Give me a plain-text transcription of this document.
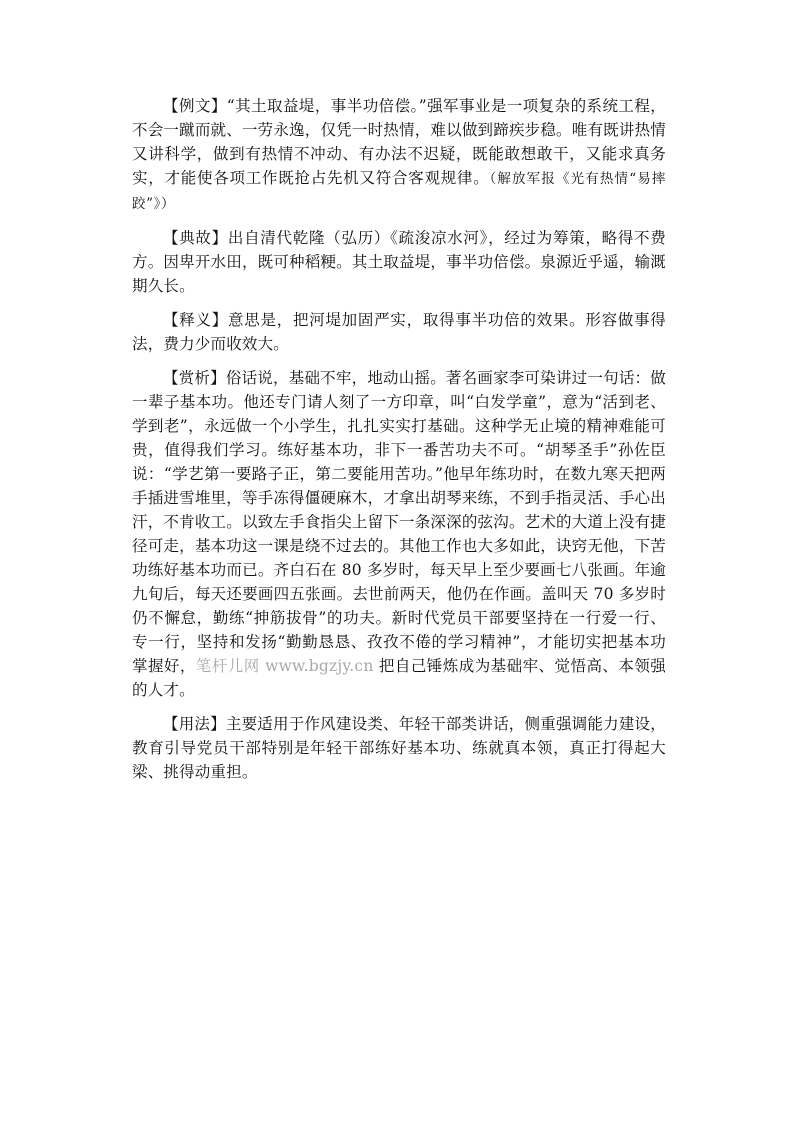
【例文】“其土取益堤，事半功倍偿。”强军事业是一项复杂的系统工程，不会一蹴而就、一劳永逸，仅凭一时热情，难以做到蹄疾步稳。唯有既讲热情又讲科学，做到有热情不冲动、有办法不迟疑，既能敢想敢干，又能求真务实，才能使各项工作既抢占先机又符合客观规律。（解放军报《光有热情“易摔跤”》）

【典故】出自清代乾隆（弘历）《疏浚凉水河》，经过为筹策，略得不费方。因卑开水田，既可种稻粳。其土取益堤，事半功倍偿。泉源近乎遥，输溉期久长。

【释义】意思是，把河堤加固严实，取得事半功倍的效果。形容做事得法，费力少而收效大。

【赏析】俗话说，基础不牢，地动山摇。著名画家李可染讲过一句话：做一辈子基本功。他还专门请人刻了一方印章，叫“白发学童”，意为“活到老、学到老”，永远做一个小学生，扎扎实实打基础。这种学无止境的精神难能可贵，值得我们学习。练好基本功，非下一番苦功夫不可。“胡琴圣手”孙佐臣说：“学艺第一要路子正，第二要能用苦功。”他早年练功时，在数九寒天把两手插进雪堆里，等手冻得僵硬麻木，才拿出胡琴来练，不到手指灵活、手心出汗，不肯收工。以致左手食指尖上留下一条深深的弦沟。艺术的大道上没有捷径可走，基本功这一课是绕不过去的。其他工作也大多如此，诀窍无他，下苦功练好基本功而已。齐白石在 80 多岁时，每天早上至少要画七八张画。年逾九旬后，每天还要画四五张画。去世前两天，他仍在作画。盖叫天 70 多岁时仍不懈怠，勤练“抻筋拔骨”的功夫。新时代党员干部要坚持在一行爱一行、专一行，坚持和发扬“勤勤恳恳、孜孜不倦的学习精神”，才能切实把基本功掌握好，笔杆儿网 www.bgzjy.cn 把自己锤炼成为基础牢、觉悟高、本领强的人才。

【用法】主要适用于作风建设类、年轻干部类讲话，侧重强调能力建设，教育引导党员干部特别是年轻干部练好基本功、练就真本领，真正打得起大梁、挑得动重担。
